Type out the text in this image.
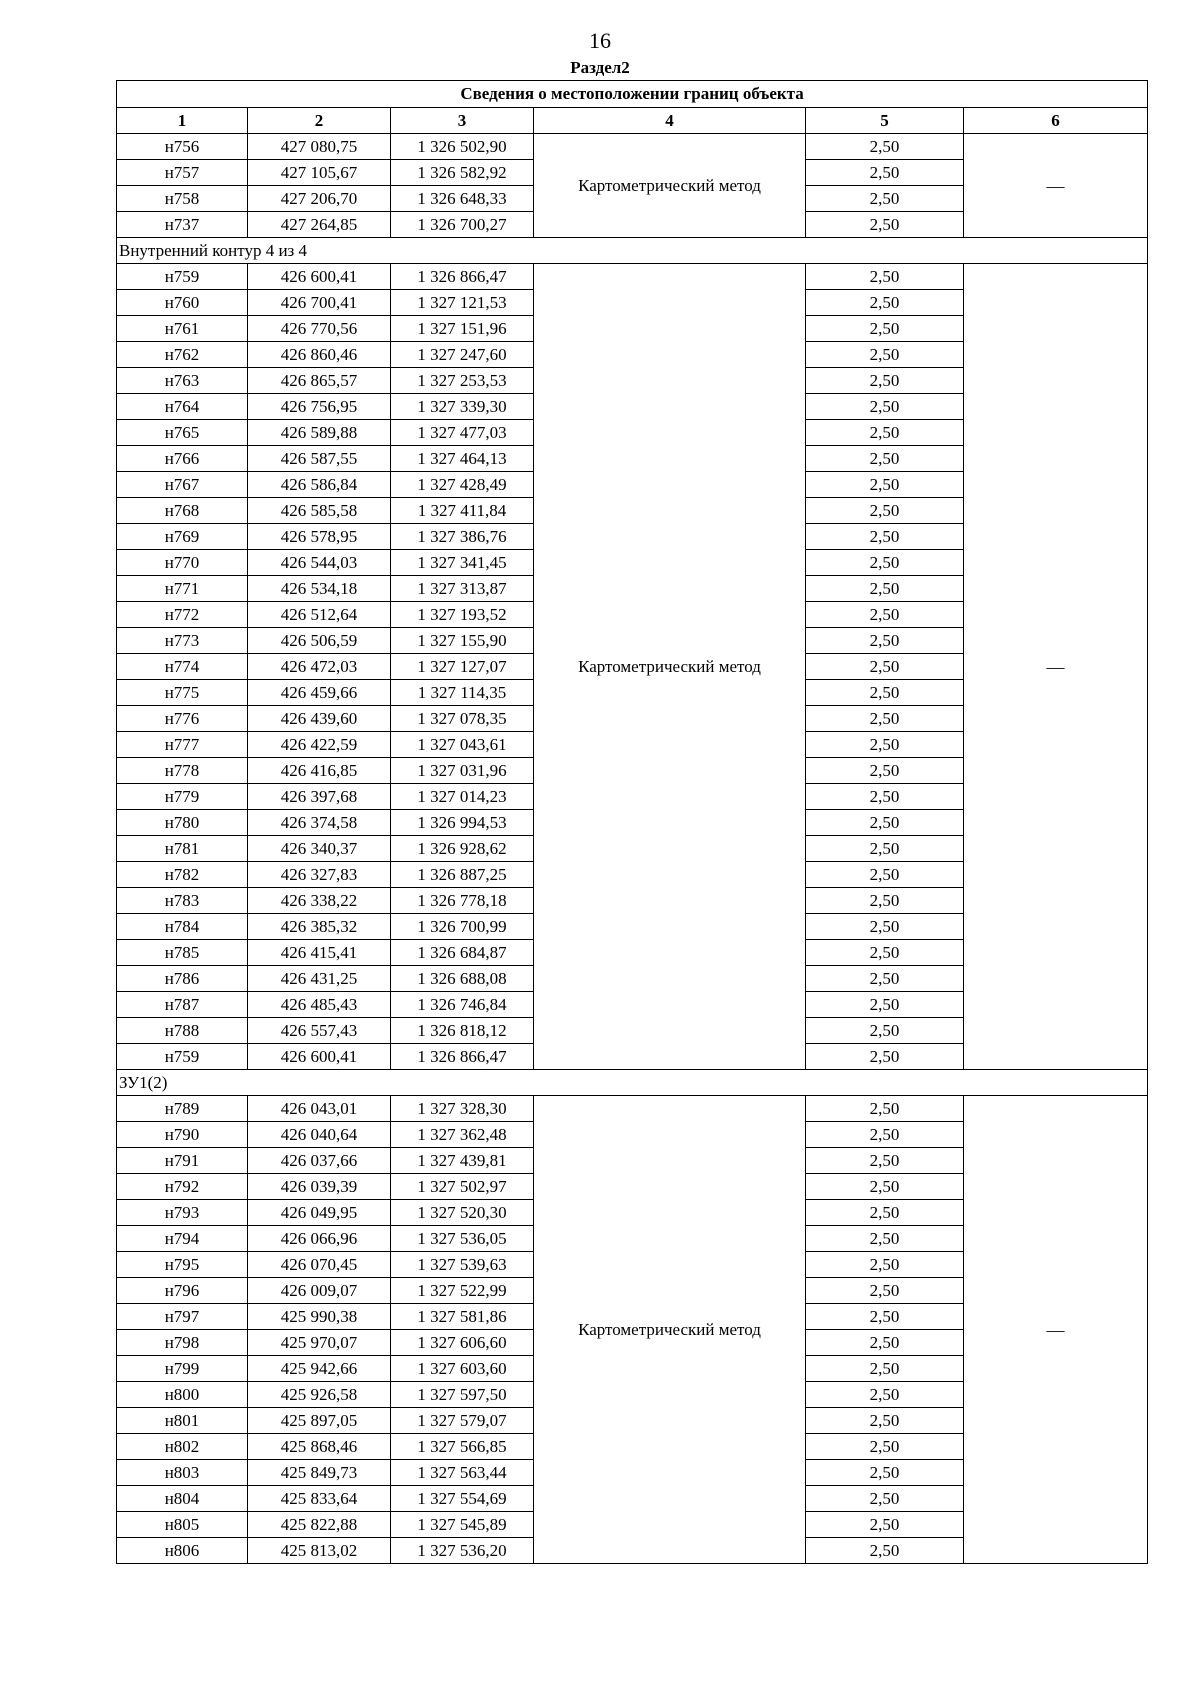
16
Раздел2
Сведения о местоположении границ объекта					
1	2	3	4	5	6
н756	427 080,75	1 326 502,90	Картометрический метод	2,50	—
н757	427 105,67	1 326 582,92		2,50	
н758	427 206,70	1 326 648,33		2,50	
н737	427 264,85	1 326 700,27		2,50	
Внутренний контур 4 из 4					
н759	426 600,41	1 326 866,47	Картометрический метод	2,50	—
н760	426 700,41	1 327 121,53		2,50	
н761	426 770,56	1 327 151,96		2,50	
н762	426 860,46	1 327 247,60		2,50	
н763	426 865,57	1 327 253,53		2,50	
н764	426 756,95	1 327 339,30		2,50	
н765	426 589,88	1 327 477,03		2,50	
н766	426 587,55	1 327 464,13		2,50	
н767	426 586,84	1 327 428,49		2,50	
н768	426 585,58	1 327 411,84		2,50	
н769	426 578,95	1 327 386,76		2,50	
н770	426 544,03	1 327 341,45		2,50	
н771	426 534,18	1 327 313,87		2,50	
н772	426 512,64	1 327 193,52		2,50	
н773	426 506,59	1 327 155,90		2,50	
н774	426 472,03	1 327 127,07		2,50	
н775	426 459,66	1 327 114,35		2,50	
н776	426 439,60	1 327 078,35		2,50	
н777	426 422,59	1 327 043,61		2,50	
н778	426 416,85	1 327 031,96		2,50	
н779	426 397,68	1 327 014,23		2,50	
н780	426 374,58	1 326 994,53		2,50	
н781	426 340,37	1 326 928,62		2,50	
н782	426 327,83	1 326 887,25		2,50	
н783	426 338,22	1 326 778,18		2,50	
н784	426 385,32	1 326 700,99		2,50	
н785	426 415,41	1 326 684,87		2,50	
н786	426 431,25	1 326 688,08		2,50	
н787	426 485,43	1 326 746,84		2,50	
н788	426 557,43	1 326 818,12		2,50	
н759	426 600,41	1 326 866,47		2,50	
ЗУ1(2)					
н789	426 043,01	1 327 328,30	Картометрический метод	2,50	—
н790	426 040,64	1 327 362,48		2,50	
н791	426 037,66	1 327 439,81		2,50	
н792	426 039,39	1 327 502,97		2,50	
н793	426 049,95	1 327 520,30		2,50	
н794	426 066,96	1 327 536,05		2,50	
н795	426 070,45	1 327 539,63		2,50	
н796	426 009,07	1 327 522,99		2,50	
н797	425 990,38	1 327 581,86		2,50	
н798	425 970,07	1 327 606,60		2,50	
н799	425 942,66	1 327 603,60		2,50	
н800	425 926,58	1 327 597,50		2,50	
н801	425 897,05	1 327 579,07		2,50	
н802	425 868,46	1 327 566,85		2,50	
н803	425 849,73	1 327 563,44		2,50	
н804	425 833,64	1 327 554,69		2,50	
н805	425 822,88	1 327 545,89		2,50	
н806	425 813,02	1 327 536,20		2,50	
